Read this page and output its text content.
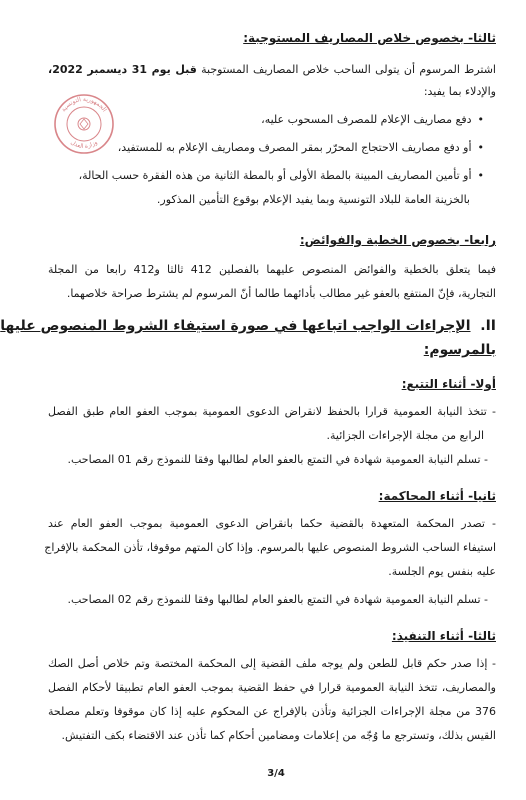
ثالثا- بخصوص خلاص المصاريف المستوجبة:
اشترط المرسوم أن يتولى الساحب خلاص المصاريف المستوجبة قبل يوم 31 ديسمبر 2022،
والإدلاء بما يفيد:
• دفع مصاريف الإعلام للمصرف المسحوب عليه،
• أو دفع مصاريف الاحتجاج المحرّر بمقر المصرف ومصاريف الإعلام به للمستفيد،
• أو تأمين المصاريف المبينة بالمطة الأولى أو بالمطة الثانية من هذه الفقرة حسب الحالة،
بالخزينة العامة للبلاد التونسية وبما يفيد الإعلام بوقوع التأمين المذكور.
الجمهورية التونسية
وزارة العدل
رابعا- بخصوص الخطية والفوائض:
فيما يتعلق بالخطية والفوائض المنصوص عليهما بالفصلين 412 ثالثا و412 رابعا من المجلة
التجارية، فإنّ المنتفع بالعفو غير مطالب بأدائهما طالما أنّ المرسوم لم يشترط صراحة خلاصهما.
II.  الإجراءات الواجب اتباعها في صورة استيفاء الشروط المنصوص عليها
بالمرسوم:
أولا- أثناء التتبع:
- تتخذ النيابة العمومية قرارا بالحفظ لانقراض الدعوى العمومية بموجب العفو العام طبق الفصل
الرابع من مجلة الإجراءات الجزائية.
- تسلم النيابة العمومية شهادة في التمتع بالعفو العام لطالبها وفقا للنموذج رقم 01 المصاحب.
ثانيا- أثناء المحاكمة:
- تصدر المحكمة المتعهدة بالقضية حكما بانقراض الدعوى العمومية بموجب العفو العام عند
استيفاء الساحب الشروط المنصوص عليها بالمرسوم. وإذا كان المتهم موقوفا، تأذن المحكمة بالإفراج
عليه بنفس يوم الجلسة.
- تسلم النيابة العمومية شهادة في التمتع بالعفو العام لطالبها وفقا للنموذج رقم 02 المصاحب.
ثالثا- أثناء التنفيذ:
- إذا صدر حكم قابل للطعن ولم يوجه ملف القضية إلى المحكمة المختصة وتم خلاص أصل الصك
والمصاريف، تتخذ النيابة العمومية قرارا في حفظ القضية بموجب العفو العام تطبيقا لأحكام الفصل
376 من مجلة الإجراءات الجزائية وتأذن بالإفراج عن المحكوم عليه إذا كان موقوفا وتعلم مصلحة
القيس بذلك، وتسترجع ما وُجّه من إعلامات ومضامين أحكام كما تأذن عند الاقتضاء بكف التفتيش.
3/4
